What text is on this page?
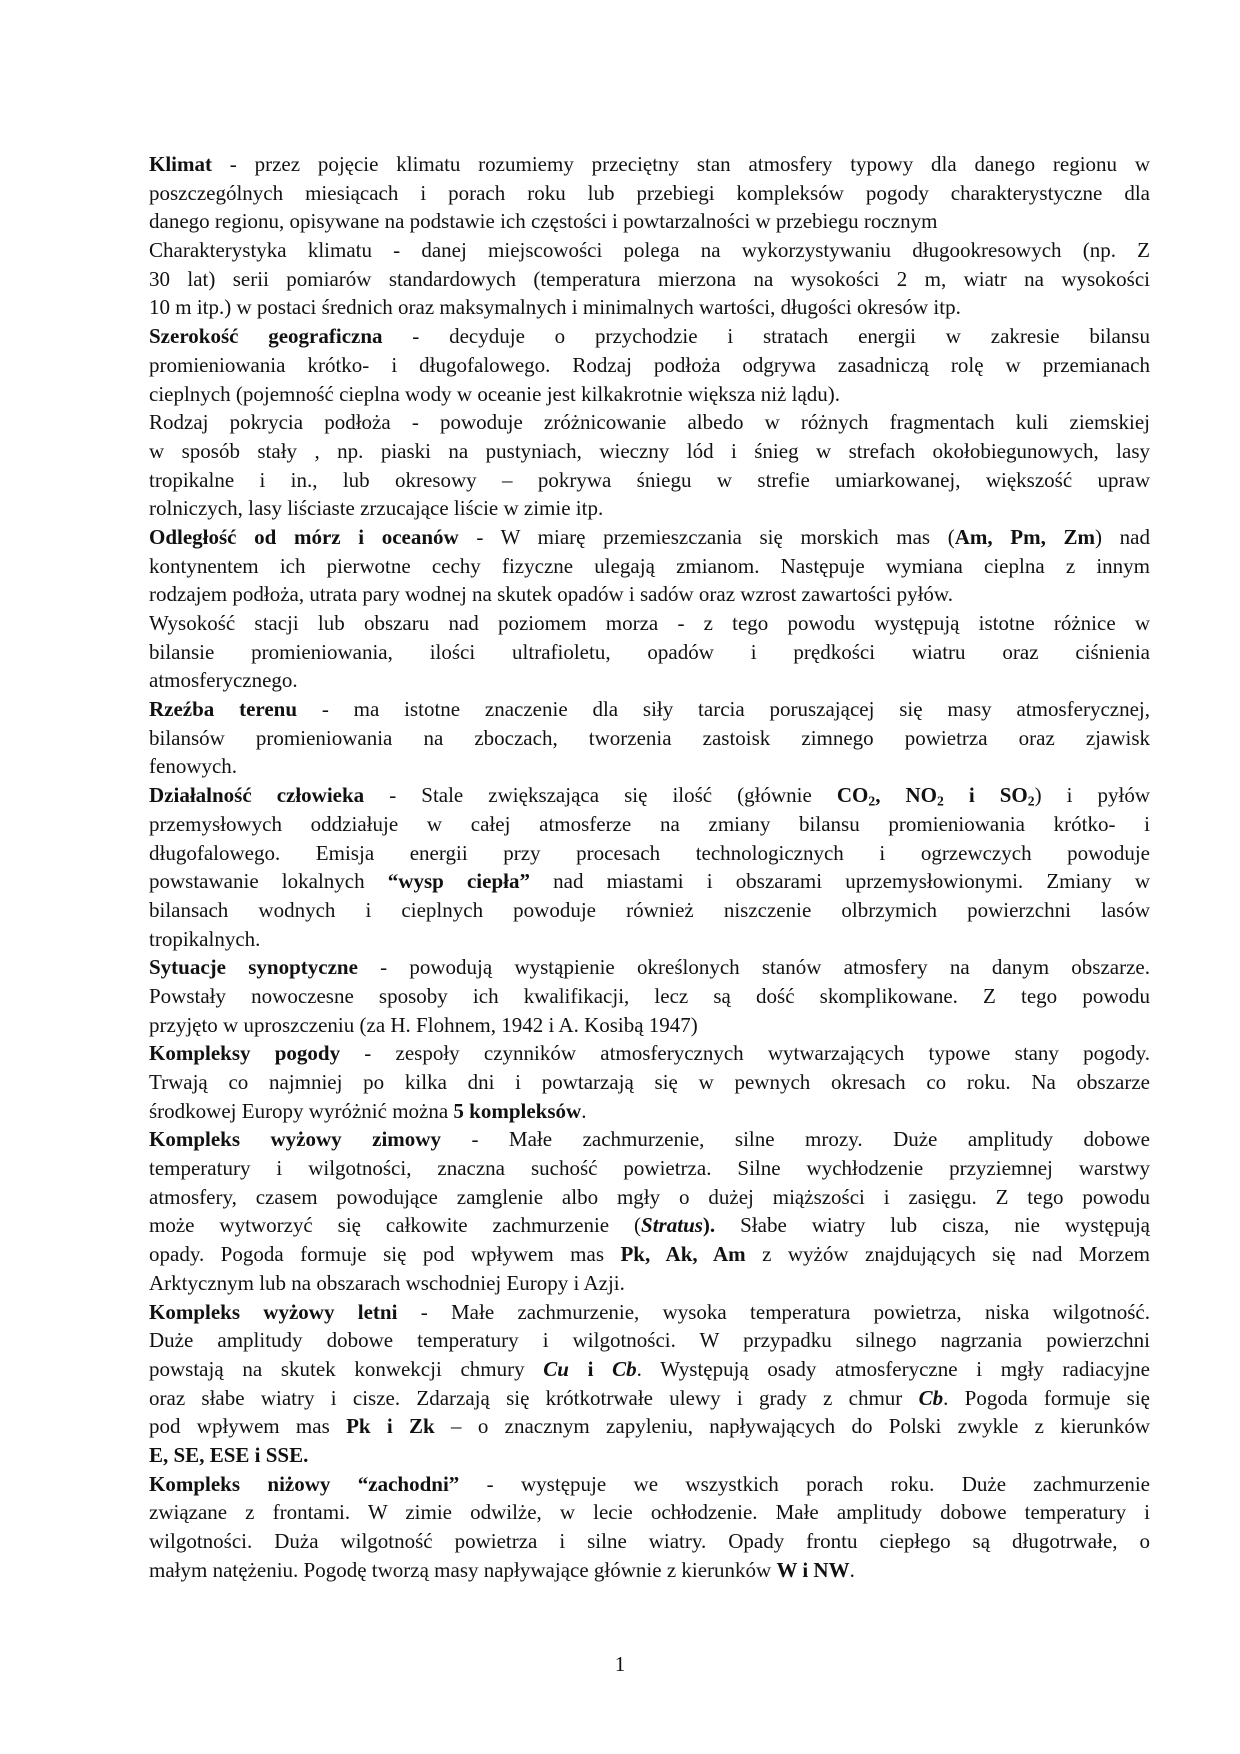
Klimat - przez pojęcie klimatu rozumiemy przeciętny stan atmosfery typowy dla danego regionu w
poszczególnych miesiącach i porach roku lub przebiegi kompleksów pogody charakterystyczne dla
danego regionu, opisywane na podstawie ich częstości i powtarzalności w przebiegu rocznym
Charakterystyka klimatu - danej miejscowości polega na wykorzystywaniu długookresowych (np. Z
30 lat) serii pomiarów standardowych (temperatura mierzona na wysokości 2 m, wiatr na wysokości
10 m itp.) w postaci średnich oraz maksymalnych i minimalnych wartości, długości okresów itp.
Szerokość geograficzna - decyduje o przychodzie i stratach energii w zakresie bilansu
promieniowania krótko- i długofalowego. Rodzaj podłoża odgrywa zasadniczą rolę w przemianach
cieplnych (pojemność cieplna wody w oceanie jest kilkakrotnie większa niż lądu).
Rodzaj pokrycia podłoża - powoduje zróżnicowanie albedo w różnych fragmentach kuli ziemskiej
w sposób stały , np. piaski na pustyniach, wieczny lód i śnieg w strefach okołobiegunowych, lasy
tropikalne i in., lub okresowy – pokrywa śniegu w strefie umiarkowanej, większość upraw
rolniczych, lasy liściaste zrzucające liście w zimie itp.
Odległość od mórz i oceanów - W miarę przemieszczania się morskich mas (Am, Pm, Zm) nad
kontynentem ich pierwotne cechy fizyczne ulegają zmianom. Następuje wymiana cieplna z innym
rodzajem podłoża, utrata pary wodnej na skutek opadów i sadów oraz wzrost zawartości pyłów.
Wysokość stacji lub obszaru nad poziomem morza - z tego powodu występują istotne różnice w
bilansie promieniowania, ilości ultrafioletu, opadów i prędkości wiatru oraz ciśnienia
atmosferycznego.
Rzeźba terenu - ma istotne znaczenie dla siły tarcia poruszającej się masy atmosferycznej,
bilansów promieniowania na zboczach, tworzenia zastoisk zimnego powietrza oraz zjawisk
fenowych.
Działalność człowieka - Stale zwiększająca się ilość (głównie $CO_2$, $NO_2$ i $SO_2$) i pyłów
przemysłowych oddziałuje w całej atmosferze na zmiany bilansu promieniowania krótko- i
długofalowego. Emisja energii przy procesach technologicznych i ogrzewczych powoduje
powstawanie lokalnych “wysp ciepła” nad miastami i obszarami uprzemysłowionymi. Zmiany w
bilansach wodnych i cieplnych powoduje również niszczenie olbrzymich powierzchni lasów
tropikalnych.
Sytuacje synoptyczne - powodują wystąpienie określonych stanów atmosfery na danym obszarze.
Powstały nowoczesne sposoby ich kwalifikacji, lecz są dość skomplikowane. Z tego powodu
przyjęto w uproszczeniu (za H. Flohnem, 1942 i A. Kosibą 1947)
Kompleksy pogody - zespoły czynników atmosferycznych wytwarzających typowe stany pogody.
Trwają co najmniej po kilka dni i powtarzają się w pewnych okresach co roku. Na obszarze
środkowej Europy wyróżnić można 5 kompleksów.
Kompleks wyżowy zimowy - Małe zachmurzenie, silne mrozy. Duże amplitudy dobowe
temperatury i wilgotności, znaczna suchość powietrza. Silne wychłodzenie przyziemnej warstwy
atmosfery, czasem powodujące zamglenie albo mgły o dużej miąższości i zasięgu. Z tego powodu
może wytworzyć się całkowite zachmurzenie (Stratus). Słabe wiatry lub cisza, nie występują
opady. Pogoda formuje się pod wpływem mas Pk, Ak, Am z wyżów znajdujących się nad Morzem
Arktycznym lub na obszarach wschodniej Europy i Azji.
Kompleks wyżowy letni - Małe zachmurzenie, wysoka temperatura powietrza, niska wilgotność.
Duże amplitudy dobowe temperatury i wilgotności. W przypadku silnego nagrzania powierzchni
powstają na skutek konwekcji chmury Cu i Cb. Występują osady atmosferyczne i mgły radiacyjne
oraz słabe wiatry i cisze. Zdarzają się krótkotrwałe ulewy i grady z chmur Cb. Pogoda formuje się
pod wpływem mas Pk i Zk – o znacznym zapyleniu, napływających do Polski zwykle z kierunków
E, SE, ESE i SSE.
Kompleks niżowy “zachodni” - występuje we wszystkich porach roku. Duże zachmurzenie
związane z frontami. W zimie odwilże, w lecie ochłodzenie. Małe amplitudy dobowe temperatury i
wilgotności. Duża wilgotność powietrza i silne wiatry. Opady frontu ciepłego są długotrwałe, o
małym natężeniu. Pogodę tworzą masy napływające głównie z kierunków W i NW.
1
